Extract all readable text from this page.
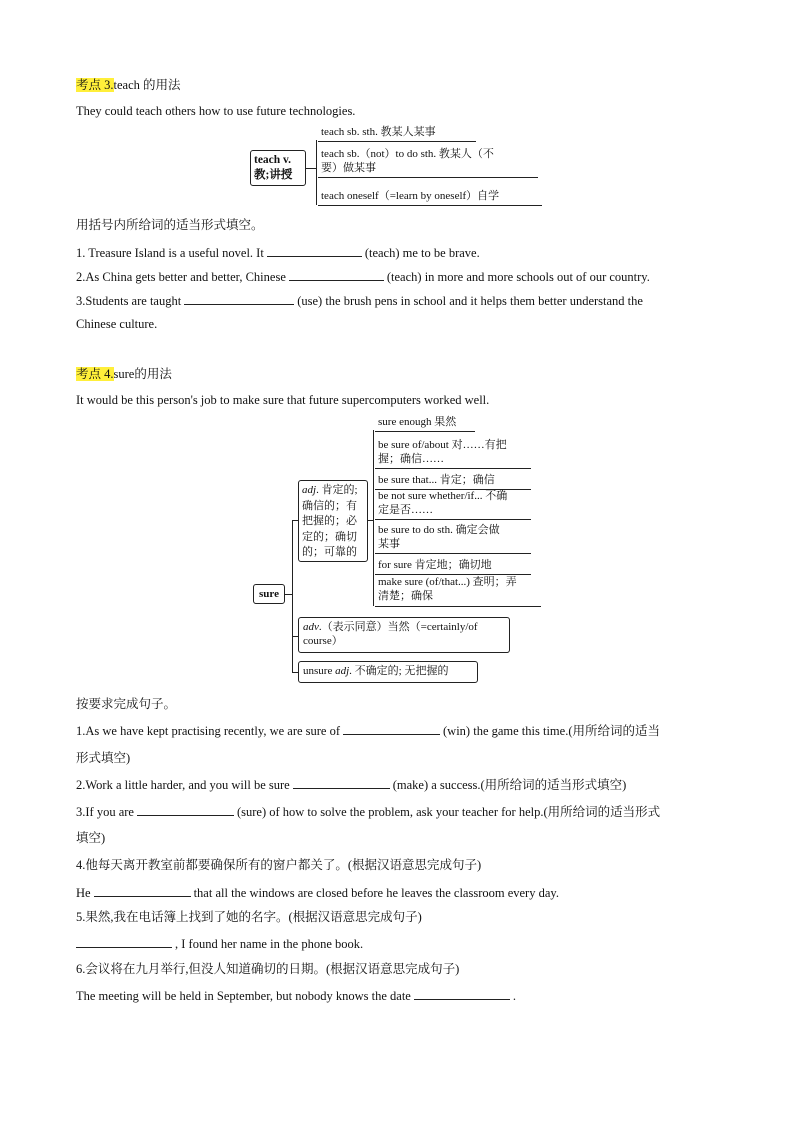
考点 3.teach 的用法
They could teach others how to use future technologies.
teach v.
教;讲授
teach sb. sth. 教某人某事
teach sb.（not）to do sth. 教某人（不
要）做某事
teach oneself（=learn by oneself）自学
用括号内所给词的适当形式填空。
1. Treasure Island is a useful novel. It	(teach) me to be brave.
2.As China gets better and better, Chinese	(teach) in more and more schools out of our country.
3.Students are taught	(use) the brush pens in school and it helps them better understand the
Chinese culture.
考点 4.sure的用法
It would be this person's job to make sure that future supercomputers worked well.
sure
adj. 肯定的;
确信的；有
把握的；必
定的；确切
的；可靠的
sure enough 果然
be sure of/about 对……有把
握；确信……
be sure that... 肯定；确信
be not sure whether/if... 不确
定是否……
be sure to do sth. 确定会做
某事
for sure 肯定地；确切地
make sure (of/that...) 查明；弄
清楚；确保
adv.（表示同意）当然（=certainly/of
course）
unsure adj. 不确定的; 无把握的
按要求完成句子。
1.As we have kept practising recently, we are sure of	(win) the game this time.(用所给词的适当
形式填空)
2.Work a little harder, and you will be sure	(make) a success.(用所给词的适当形式填空)
3.If you are	(sure) of how to solve the problem, ask your teacher for help.(用所给词的适当形式
填空)
4.他每天离开教室前都要确保所有的窗户都关了。(根据汉语意思完成句子)
He	that all the windows are closed before he leaves the classroom every day.
5.果然,我在电话簿上找到了她的名字。(根据汉语意思完成句子)
, I found her name in the phone book.
6.会议将在九月举行,但没人知道确切的日期。(根据汉语意思完成句子)
The meeting will be held in September, but nobody knows the date	.
